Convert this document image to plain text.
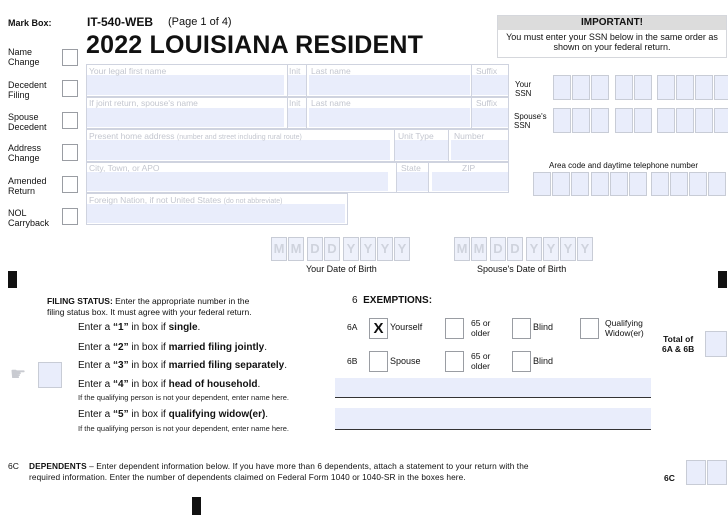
Mark Box:	IT-540-WEB (Page 1 of 4)
2022 LOUISIANA RESIDENT
IMPORTANT!
You must enter your SSN below in the same order as shown on your federal return.
Name
Change
Decedent
Filing
Spouse
Decedent
Address
Change
Amended
Return
NOL
Carryback
Your legal first name	Init Last name	Suffix
If joint return, spouse's name	Init Last name	Suffix
Present home address (number and street including rural route)	Unit Type Number
City, Town, or APO	State	ZIP
Foreign Nation, if not United States (do not abbreviate)
Your
SSN
Spouse's
SSN
Area code and daytime telephone number
M M D D Y Y Y Y
Your Date of Birth
M M D D Y Y Y Y
Spouse's Date of Birth
FILING STATUS: Enter the appropriate number in the
filing status box. It must agree with your federal return.
Enter a “1” in box if single.
Enter a “2” in box if married filing jointly.
Enter a “3” in box if married filing separately.
Enter a “4” in box if head of household.
If the qualifying person is not your dependent, enter name here.
Enter a “5” in box if qualifying widow(er).
If the qualifying person is not your dependent, enter name here.
☛
6 EXEMPTIONS:
6A X Yourself	65 or
older
Blind	Qualifying
Widow(er)
6B	Spouse	65 or
older	Blind
Total of
6A & 6B
6C DEPENDENTS – Enter dependent information below. If you have more than 6 dependents, attach a statement to your return with the
required information. Enter the number of dependents claimed on Federal Form 1040 or 1040-SR in the boxes here.	6C
